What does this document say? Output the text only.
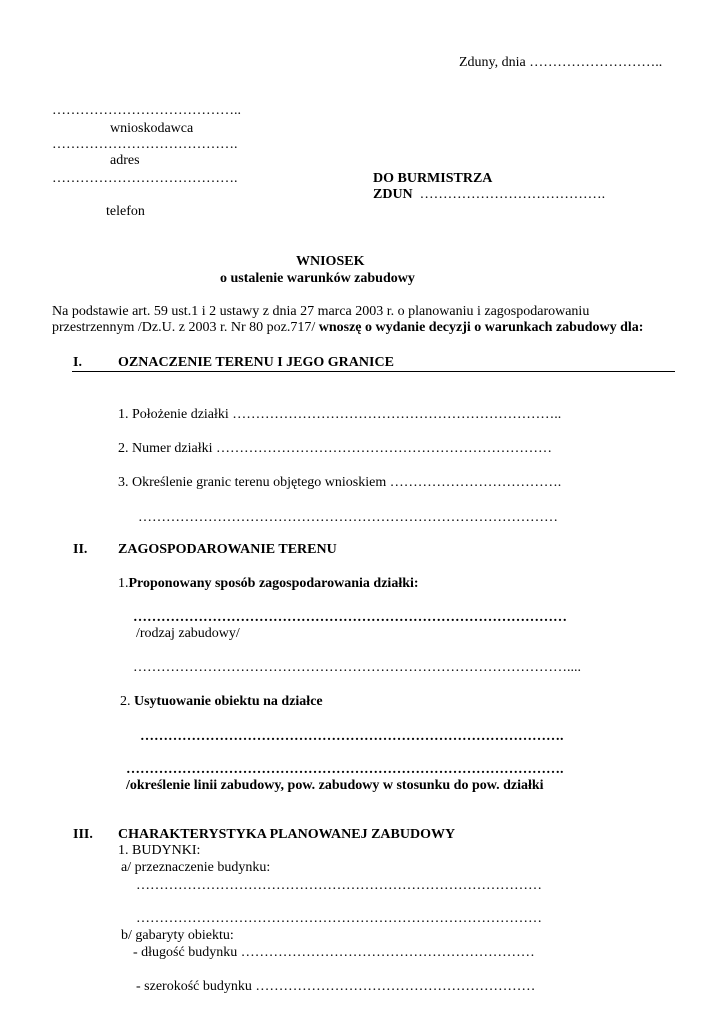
Zduny, dnia ………………………..
…………………………………..
wnioskodawca
………………………………….
adres
………………………………….
telefon
DO BURMISTRZA
ZDUN ………………………………….
WNIOSEK
o ustalenie warunków zabudowy
Na podstawie art. 59 ust.1 i 2 ustawy z dnia 27 marca 2003 r. o planowaniu i zagospodarowaniu
przestrzennym /Dz.U. z 2003 r. Nr 80 poz.717/ wnoszę o wydanie decyzji o warunkach zabudowy dla:
I.	OZNACZENIE TERENU I JEGO GRANICE
1. Położenie działki ……………………………………………………………..
2. Numer działki ………………………………………………………………
3. Określenie granic terenu objętego wnioskiem ……………………………….
………………………………………………………………………………
II. ZAGOSPODAROWANIE TERENU
1.Proponowany sposób zagospodarowania działki:
…………………………………………………………………………………
/rodzaj zabudowy/
…………………………………………………………………………………....
2. Usytuowanie obiektu na działce
……………………………………………………………………………….
………………………………………………………………………………….
/określenie linii zabudowy, pow. zabudowy w stosunku do pow. działki
III. CHARAKTERYSTYKA PLANOWANEJ ZABUDOWY
1. BUDYNKI:
a/ przeznaczenie budynku:
……………………………………………………………………………
……………………………………………………………………………
b/ gabaryty obiektu:
- długość budynku ………………………………………………………
- szerokość budynku ……………………………………………………
